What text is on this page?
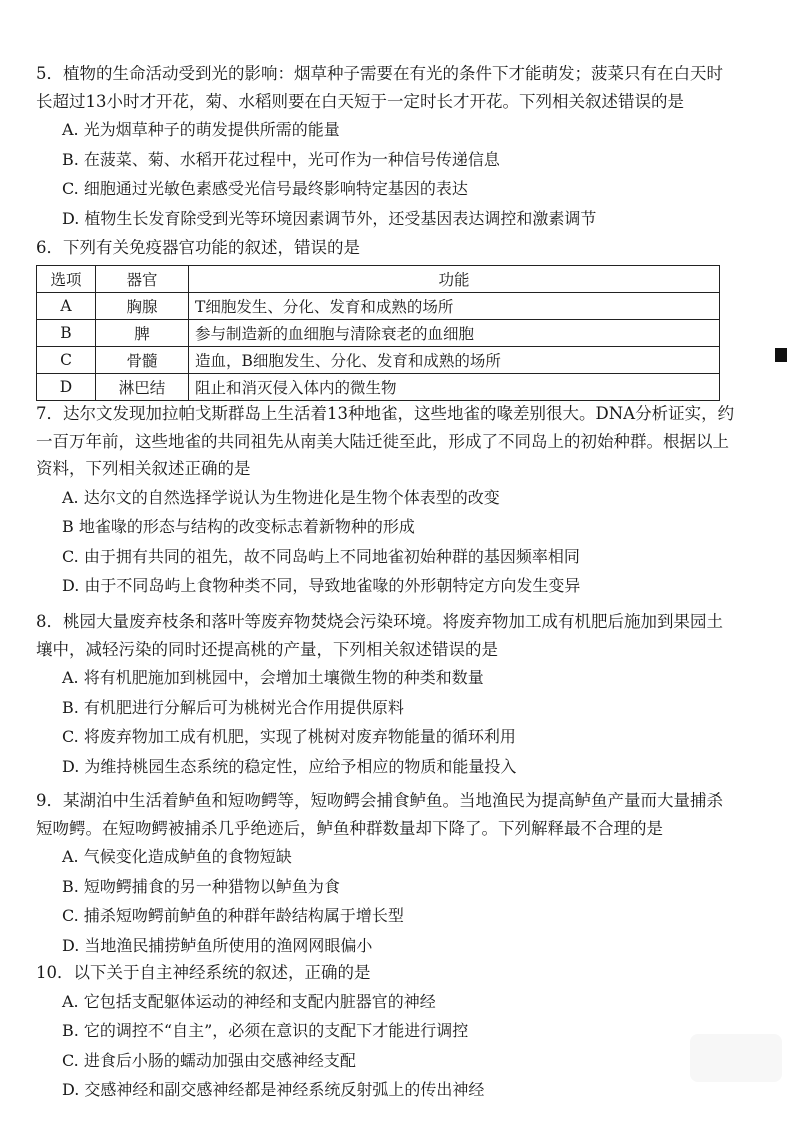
5．植物的生命活动受到光的影响：烟草种子需要在有光的条件下才能萌发；菠菜只有在白天时长超过13小时才开花，菊、水稻则要在白天短于一定时长才开花。下列相关叙述错误的是

A. 光为烟草种子的萌发提供所需的能量
B. 在菠菜、菊、水稻开花过程中，光可作为一种信号传递信息
C. 细胞通过光敏色素感受光信号最终影响特定基因的表达
D. 植物生长发育除受到光等环境因素调节外，还受基因表达调控和激素调节

6．下列有关免疫器官功能的叙述，错误的是

选项	器官	功能
A	胸腺	T细胞发生、分化、发育和成熟的场所
B	脾	参与制造新的血细胞与清除衰老的血细胞
C	骨髓	造血，B细胞发生、分化、发育和成熟的场所
D	淋巴结	阻止和消灭侵入体内的微生物

7．达尔文发现加拉帕戈斯群岛上生活着13种地雀，这些地雀的喙差别很大。DNA分析证实，约一百万年前，这些地雀的共同祖先从南美大陆迁徙至此，形成了不同岛上的初始种群。根据以上资料，下列相关叙述正确的是

A. 达尔文的自然选择学说认为生物进化是生物个体表型的改变
B 地雀喙的形态与结构的改变标志着新物种的形成
C. 由于拥有共同的祖先，故不同岛屿上不同地雀初始种群的基因频率相同
D. 由于不同岛屿上食物种类不同，导致地雀喙的外形朝特定方向发生变异

8．桃园大量废弃枝条和落叶等废弃物焚烧会污染环境。将废弃物加工成有机肥后施加到果园土壤中，减轻污染的同时还提高桃的产量，下列相关叙述错误的是

A. 将有机肥施加到桃园中，会增加土壤微生物的种类和数量
B. 有机肥进行分解后可为桃树光合作用提供原料
C. 将废弃物加工成有机肥，实现了桃树对废弃物能量的循环利用
D. 为维持桃园生态系统的稳定性，应给予相应的物质和能量投入

9．某湖泊中生活着鲈鱼和短吻鳄等，短吻鳄会捕食鲈鱼。当地渔民为提高鲈鱼产量而大量捕杀短吻鳄。在短吻鳄被捕杀几乎绝迹后，鲈鱼种群数量却下降了。下列解释最不合理的是

A. 气候变化造成鲈鱼的食物短缺
B. 短吻鳄捕食的另一种猎物以鲈鱼为食
C. 捕杀短吻鳄前鲈鱼的种群年龄结构属于增长型
D. 当地渔民捕捞鲈鱼所使用的渔网网眼偏小

10．以下关于自主神经系统的叙述，正确的是

A. 它包括支配躯体运动的神经和支配内脏器官的神经
B. 它的调控不“自主”，必须在意识的支配下才能进行调控
C. 进食后小肠的蠕动加强由交感神经支配
D. 交感神经和副交感神经都是神经系统反射弧上的传出神经
